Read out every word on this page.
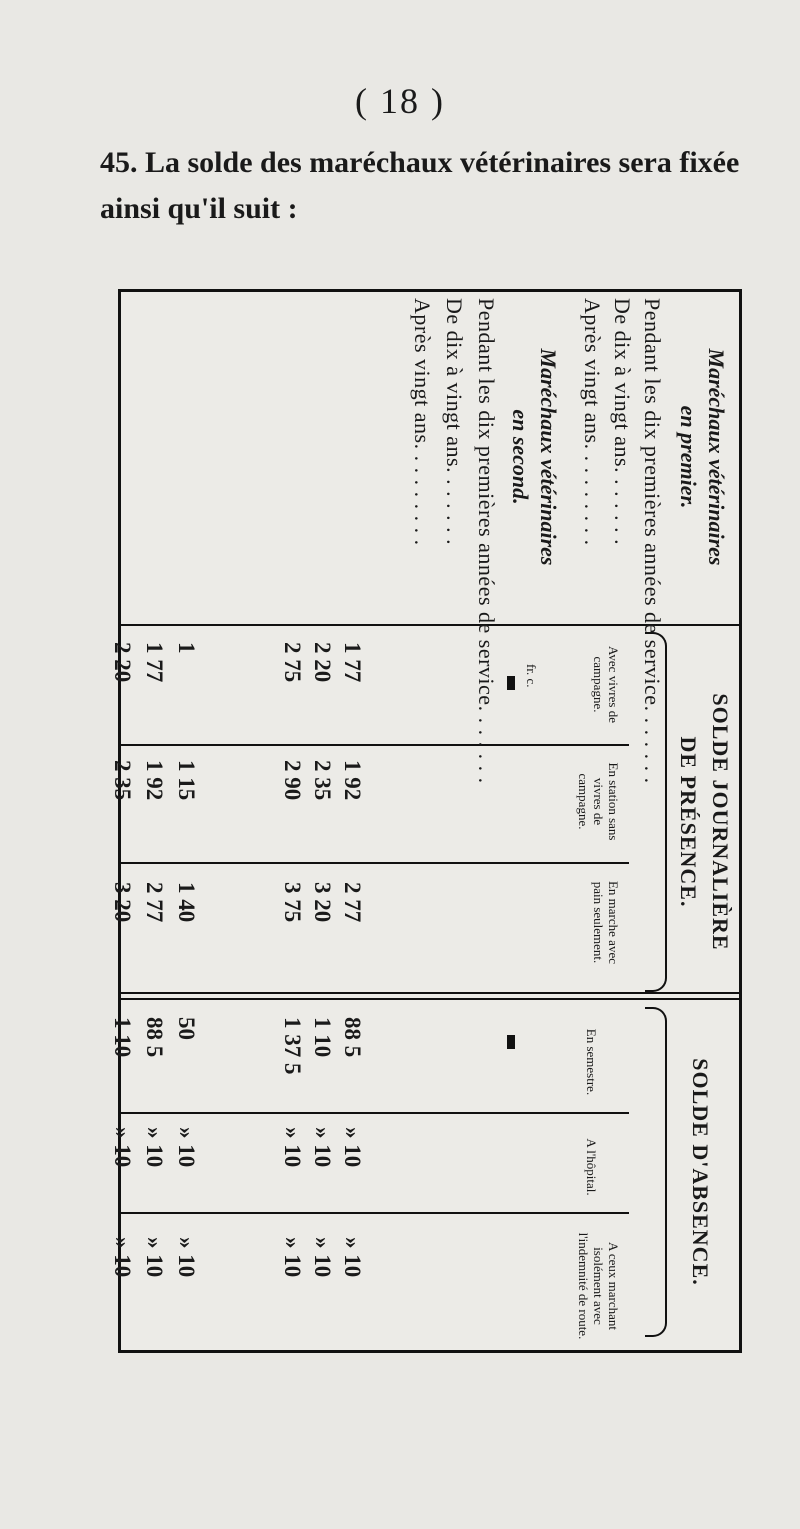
( 18 )
45. La solde des maréchaux vétérinaires sera fixée ainsi qu'il suit :
SOLDE JOURNALIÈRE
DE PRÉSENCE.
SOLDE D'ABSENCE.
Avec vivres de campagne.
En station sans vivres de campagne.
En marche avec pain seulement.
En semestre.
A l'hôpital.
A ceux marchant isolément avec l'indemnité de route.
fr. c.
Maréchaux vétérinaires
en premier.
Pendant les dix premières années de service. . . . . . .
De dix à vingt ans. . . . . . .
Après vingt ans. . . . . . . . .
Maréchaux vétérinaires
en second.
Pendant les dix premières années de service. . . . . . .
De dix à vingt ans. . . . . . .
Après vingt ans. . . . . . . . .
1 77
1 92
2 77
88 5
» 10
» 10
2 20
2 35
3 20
1 10
» 10
» 10
2 75
2 90
3 75
1 37 5
» 10
» 10
1
1 15
1 40
50
» 10
» 10
1 77
1 92
2 77
88 5
» 10
» 10
2 20
2 35
3 20
1 10
» 10
» 10
